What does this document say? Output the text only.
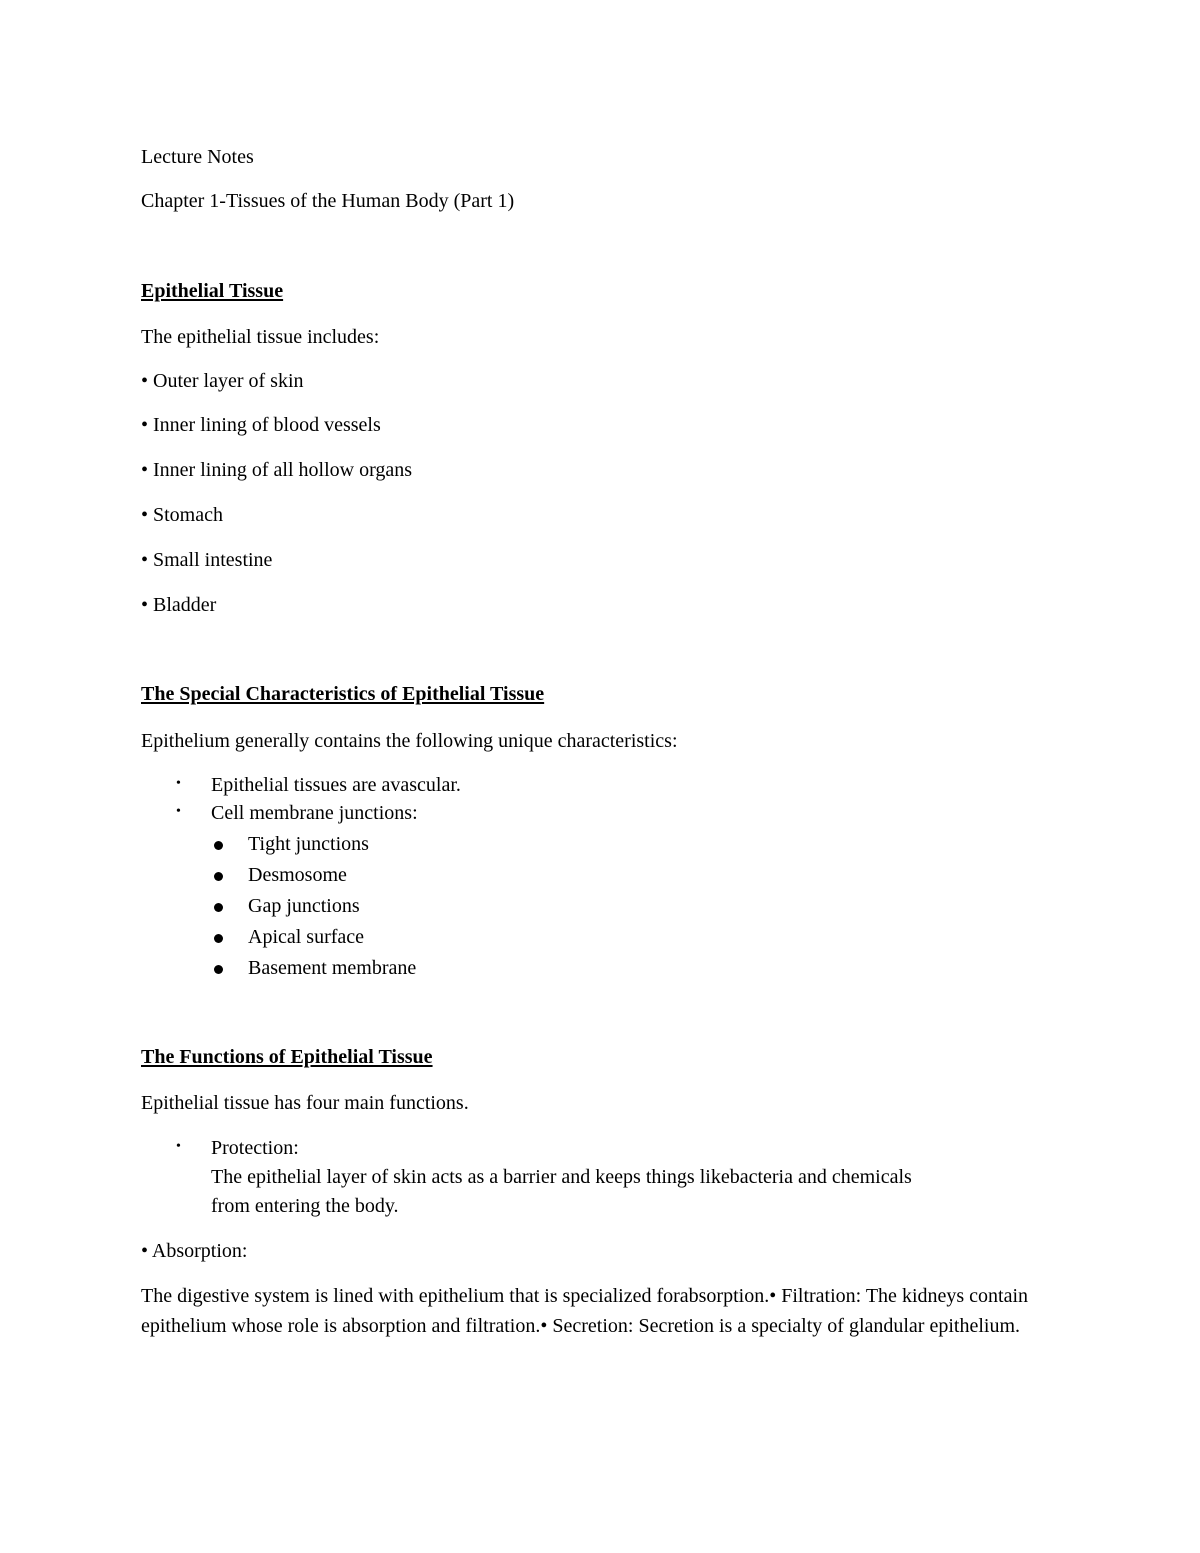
Lecture Notes
Chapter 1-Tissues of the Human Body (Part 1)
Epithelial Tissue
The epithelial tissue includes:
• Outer layer of skin
• Inner lining of blood vessels
• Inner lining of all hollow organs
• Stomach
• Small intestine
• Bladder
The Special Characteristics of Epithelial Tissue
Epithelium generally contains the following unique characteristics:
• Epithelial tissues are avascular.
• Cell membrane junctions:
Tight junctions
Desmosome
Gap junctions
Apical surface
Basement membrane
The Functions of Epithelial Tissue
Epithelial tissue has four main functions.
• Protection:
The epithelial layer of skin acts as a barrier and keeps things likebacteria and chemicals
from entering the body.
• Absorption:
The digestive system is lined with epithelium that is specialized forabsorption.• Filtration: The kidneys contain epithelium whose role is absorption and filtration.• Secretion: Secretion is a specialty of glandular epithelium.
